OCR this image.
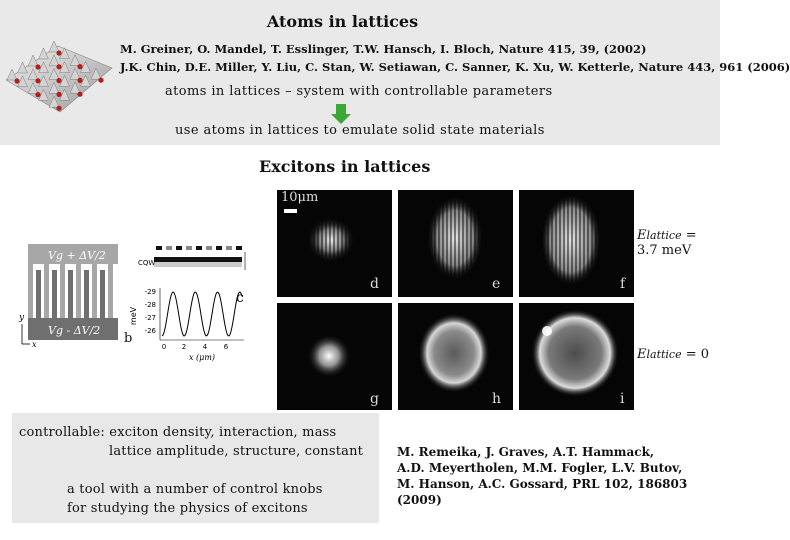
Atoms in lattices
M. Greiner, O. Mandel, T. Esslinger, T.W. Hansch, I. Bloch, Nature 415, 39, (2002)
J.K. Chin, D.E. Miller, Y. Liu, C. Stan, W. Setiawan, C. Sanner, K. Xu, W. Ketterle, Nature 443, 961 (2006)
atoms in lattices – system with controllable parameters
use atoms in lattices to emulate solid state materials
Excitons in lattices
Vg + ΔV/2
Vg - ΔV/2
y
x	b
CQW
-29
-28
-27
-26
meV
0 2 4 6
x (μm)
c
10μm
d	e	f
g	h	i
Elattice = 3.7 meV
Elattice = 0
controllable: exciton density, interaction, mass
lattice amplitude, structure, constant
a tool with a number of control knobs
for studying the physics of excitons
M. Remeika, J. Graves, A.T. Hammack,
A.D. Meyertholen, M.M. Fogler, L.V. Butov,
M. Hanson, A.C. Gossard, PRL 102, 186803 (2009)
